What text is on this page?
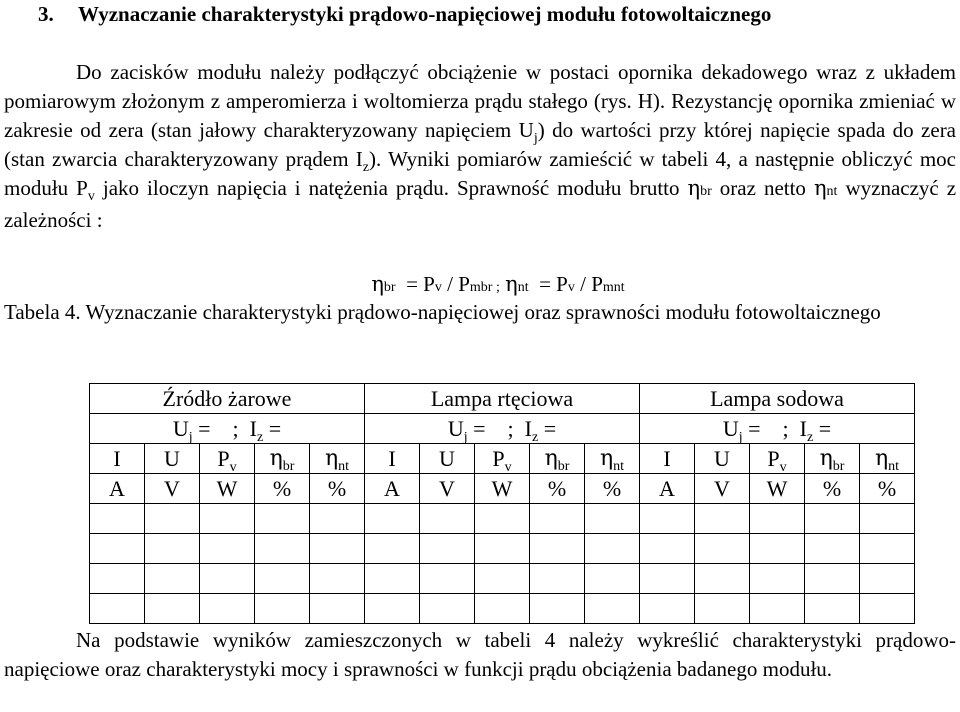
3. Wyznaczanie charakterystyki prądowo-napięciowej modułu fotowoltaicznego

Do zacisków modułu należy podłączyć obciążenie w postaci opornika dekadowego wraz z układem pomiarowym złożonym z amperomierza i woltomierza prądu stałego (rys. H). Rezystancję opornika zmieniać w zakresie od zera (stan jałowy charakteryzowany napięciem $U_j$) do wartości przy której napięcie spada do zera (stan zwarcia charakteryzowany prądem $I_z$). Wyniki pomiarów zamieścić w tabeli 4, a następnie obliczyć moc modułu $P_v$ jako iloczyn napięcia i natężenia prądu. Sprawność modułu brutto ηbr oraz netto ηnt wyznaczyć z zależności :

ηbr = Pv / Pmbr ; ηnt = Pv / Pmnt

Tabela 4. Wyznaczanie charakterystyki prądowo-napięciowej oraz sprawności modułu fotowoltaicznego

Źródło żarowe					Lampa rtęciowa					Lampa sodowa				
$U_j$ =    ;  $I_z$ =					$U_j$ =    ;  $I_z$ =					$U_j$ =    ;  $I_z$ =				
I	U	$P_v$	$\eta_{br}$	$\eta_{nt}$	I	U	$P_v$	$\eta_{br}$	$\eta_{nt}$	I	U	$P_v$	$\eta_{br}$	$\eta_{nt}$
A	V	W	%	%	A	V	W	%	%	A	V	W	%	%

Na podstawie wyników zamieszczonych w tabeli 4 należy wykreślić charakterystyki prądowo-napięciowe oraz charakterystyki mocy i sprawności w funkcji prądu obciążenia badanego modułu.
